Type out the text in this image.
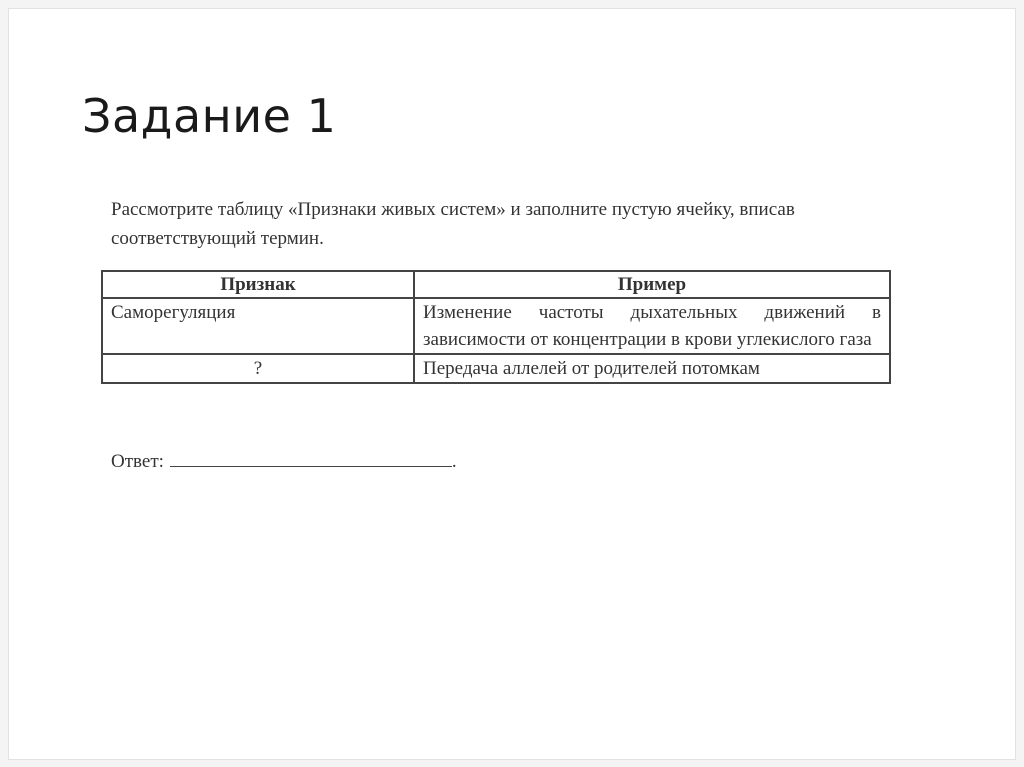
Задание 1

Рассмотрите таблицу «Признаки живых систем» и заполните пустую ячейку, вписав соответствующий термин.

Признак	Пример
Саморегуляция	Изменение частоты дыхательных движений в зависимости от концентрации в крови углекислого газа
?	Передача аллелей от родителей потомкам

Ответ:	.
